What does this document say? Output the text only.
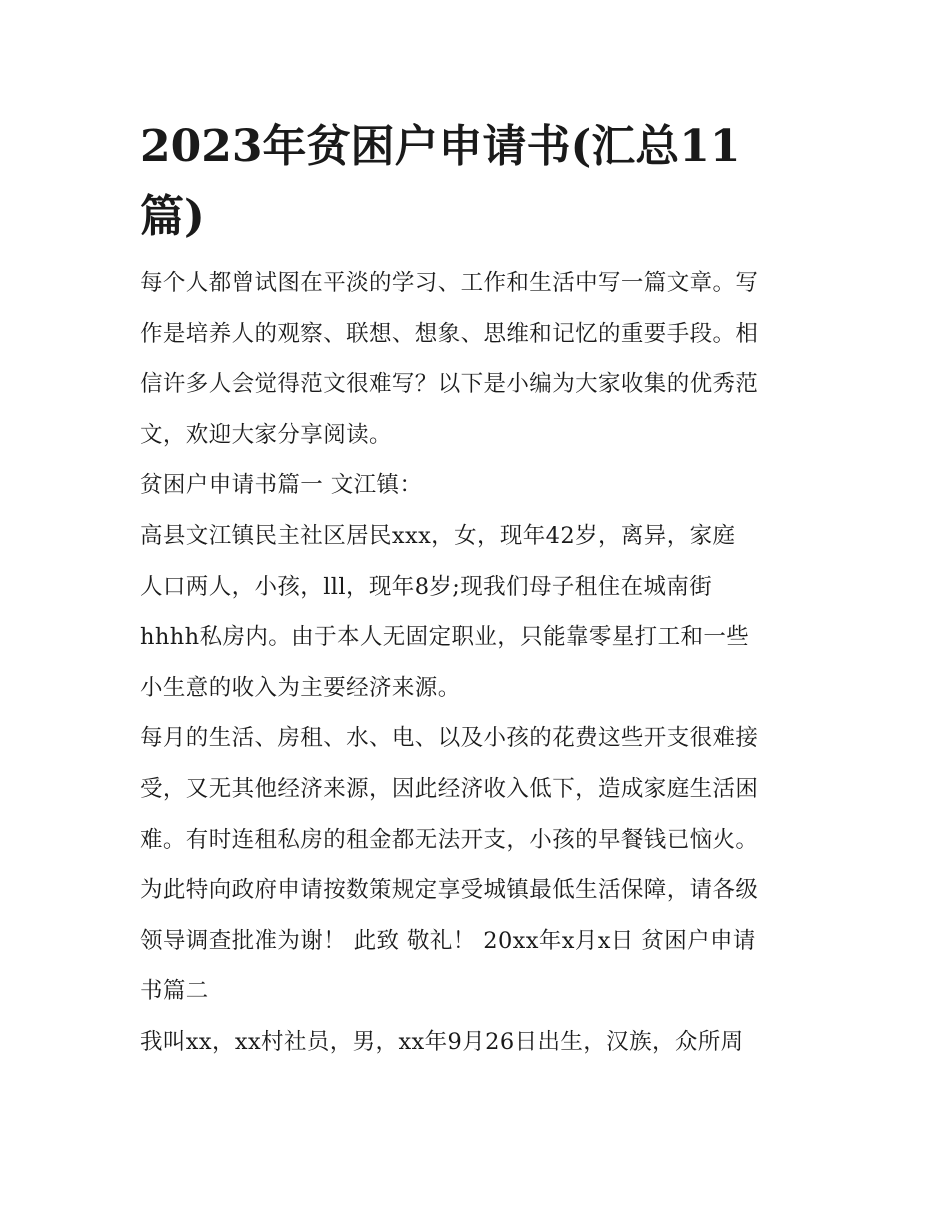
2023年贫困户申请书(汇总11
篇)

每个人都曾试图在平淡的学习、工作和生活中写一篇文章。写
作是培养人的观察、联想、想象、思维和记忆的重要手段。相
信许多人会觉得范文很难写？以下是小编为大家收集的优秀范
文，欢迎大家分享阅读。

贫困户申请书篇一 文江镇：

高县文江镇民主社区居民xxx，女，现年42岁，离异，家庭
人口两人，小孩，lll，现年8岁;现我们母子租住在城南街
hhhh私房内。由于本人无固定职业，只能靠零星打工和一些
小生意的收入为主要经济来源。

每月的生活、房租、水、电、以及小孩的花费这些开支很难接
受，又无其他经济来源，因此经济收入低下，造成家庭生活困
难。有时连租私房的租金都无法开支，小孩的早餐钱已恼火。
为此特向政府申请按数策规定享受城镇最低生活保障，请各级
领导调查批准为谢！ 此致 敬礼！ 20xx年x月x日 贫困户申请
书篇二

我叫xx，xx村社员，男，xx年9月26日出生，汉族，众所周
